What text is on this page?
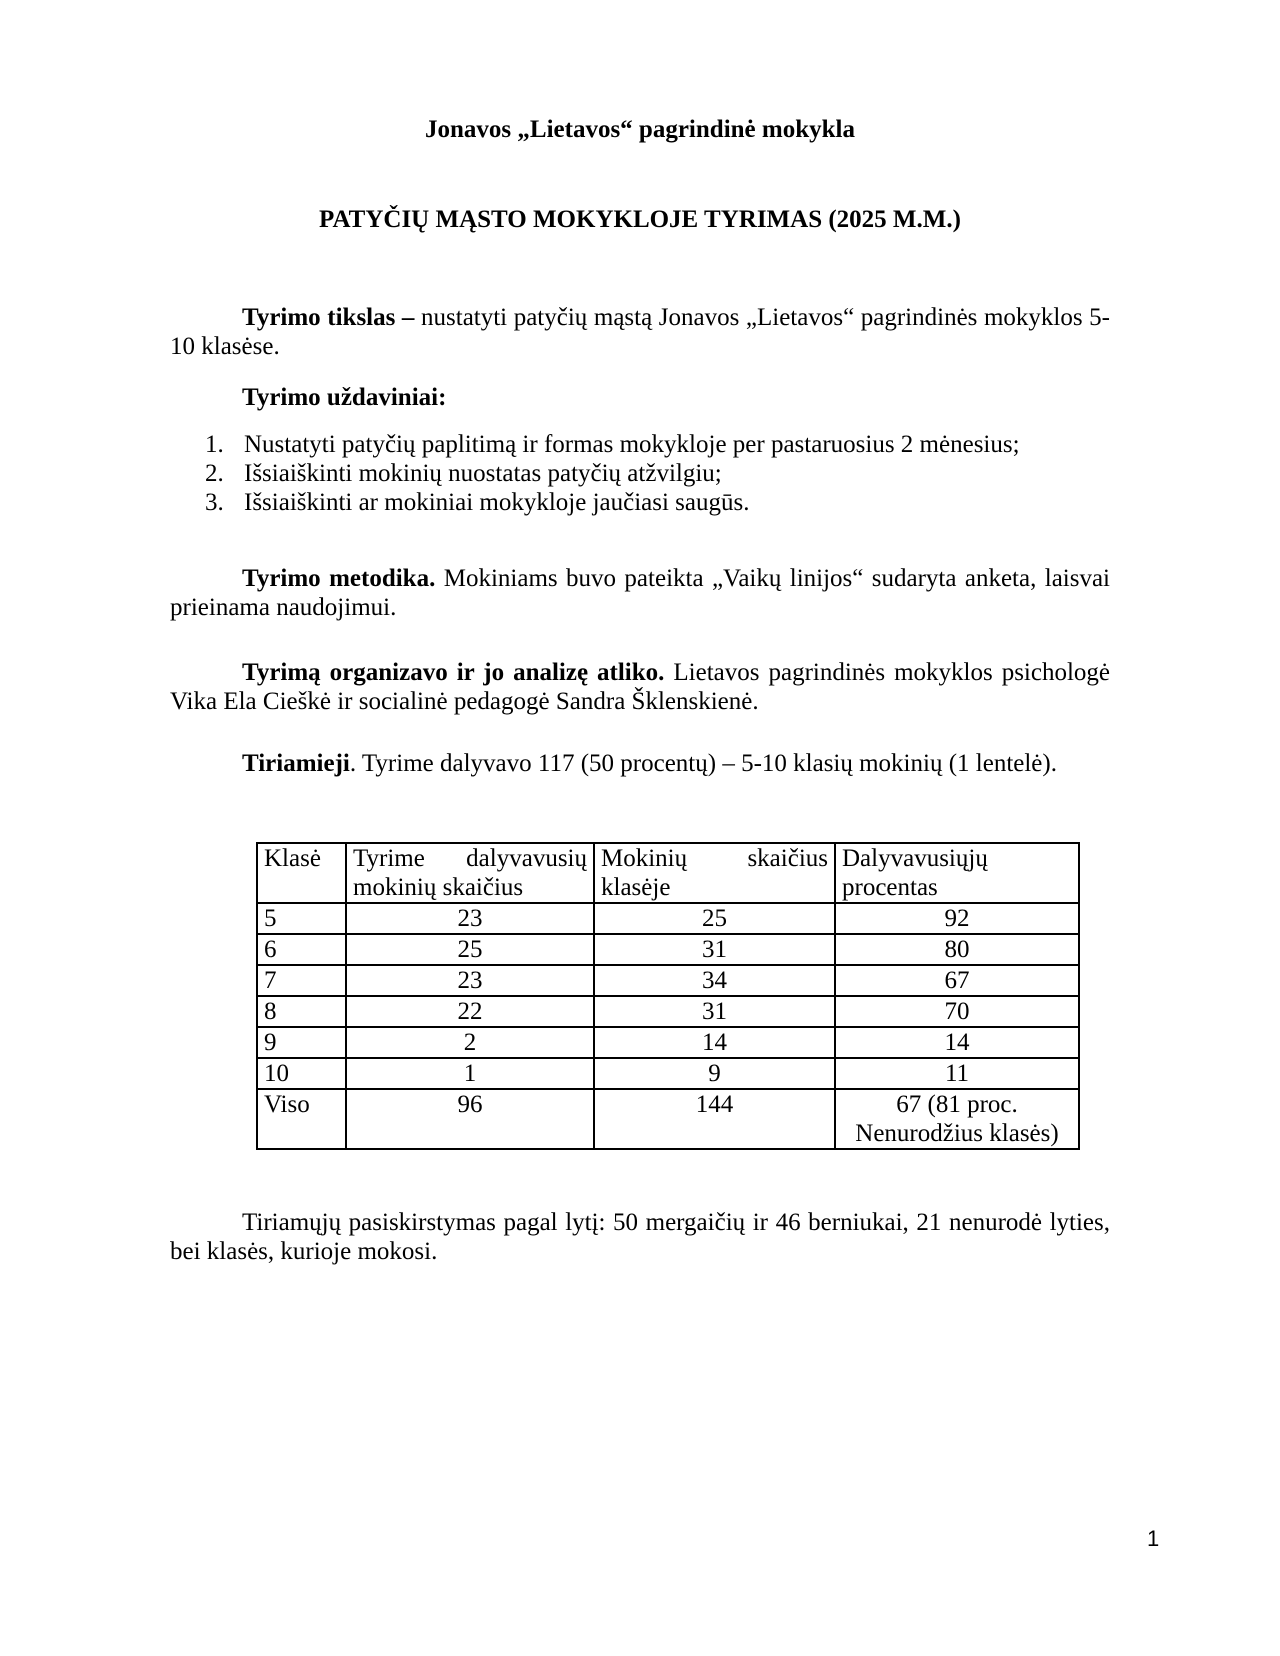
Jonavos „Lietavos“ pagrindinė mokykla

PATYČIŲ MĄSTO MOKYKLOJE TYRIMAS (2025 M.M.)

Tyrimo tikslas – nustatyti patyčių mąstą Jonavos „Lietavos“ pagrindinės mokyklos 5-10 klasėse.

Tyrimo uždaviniai:

1. Nustatyti patyčių paplitimą ir formas mokykloje per pastaruosius 2 mėnesius;
2. Išsiaiškinti mokinių nuostatas patyčių atžvilgiu;
3. Išsiaiškinti ar mokiniai mokykloje jaučiasi saugūs.

Tyrimo metodika. Mokiniams buvo pateikta „Vaikų linijos“ sudaryta anketa, laisvai prieinama naudojimui.

Tyrimą organizavo ir jo analizę atliko. Lietavos pagrindinės mokyklos psichologė Vika Ela Cieškė ir socialinė pedagogė Sandra Šklenskienė.

Tiriamieji. Tyrime dalyvavo 117 (50 procentų) – 5-10 klasių mokinių (1 lentelė).

Klasė	Tyrime dalyvavusių mokinių skaičius	Mokinių skaičius klasėje	Dalyvavusiųjų procentas
5	23	25	92
6	25	31	80
7	23	34	67
8	22	31	70
9	2	14	14
10	1	9	11
Viso	96	144	67 (81 proc. Nenurodžius klasės)

Tiriamųjų pasiskirstymas pagal lytį: 50 mergaičių ir 46 berniukai, 21 nenurodė lyties, bei klasės, kurioje mokosi.

1
